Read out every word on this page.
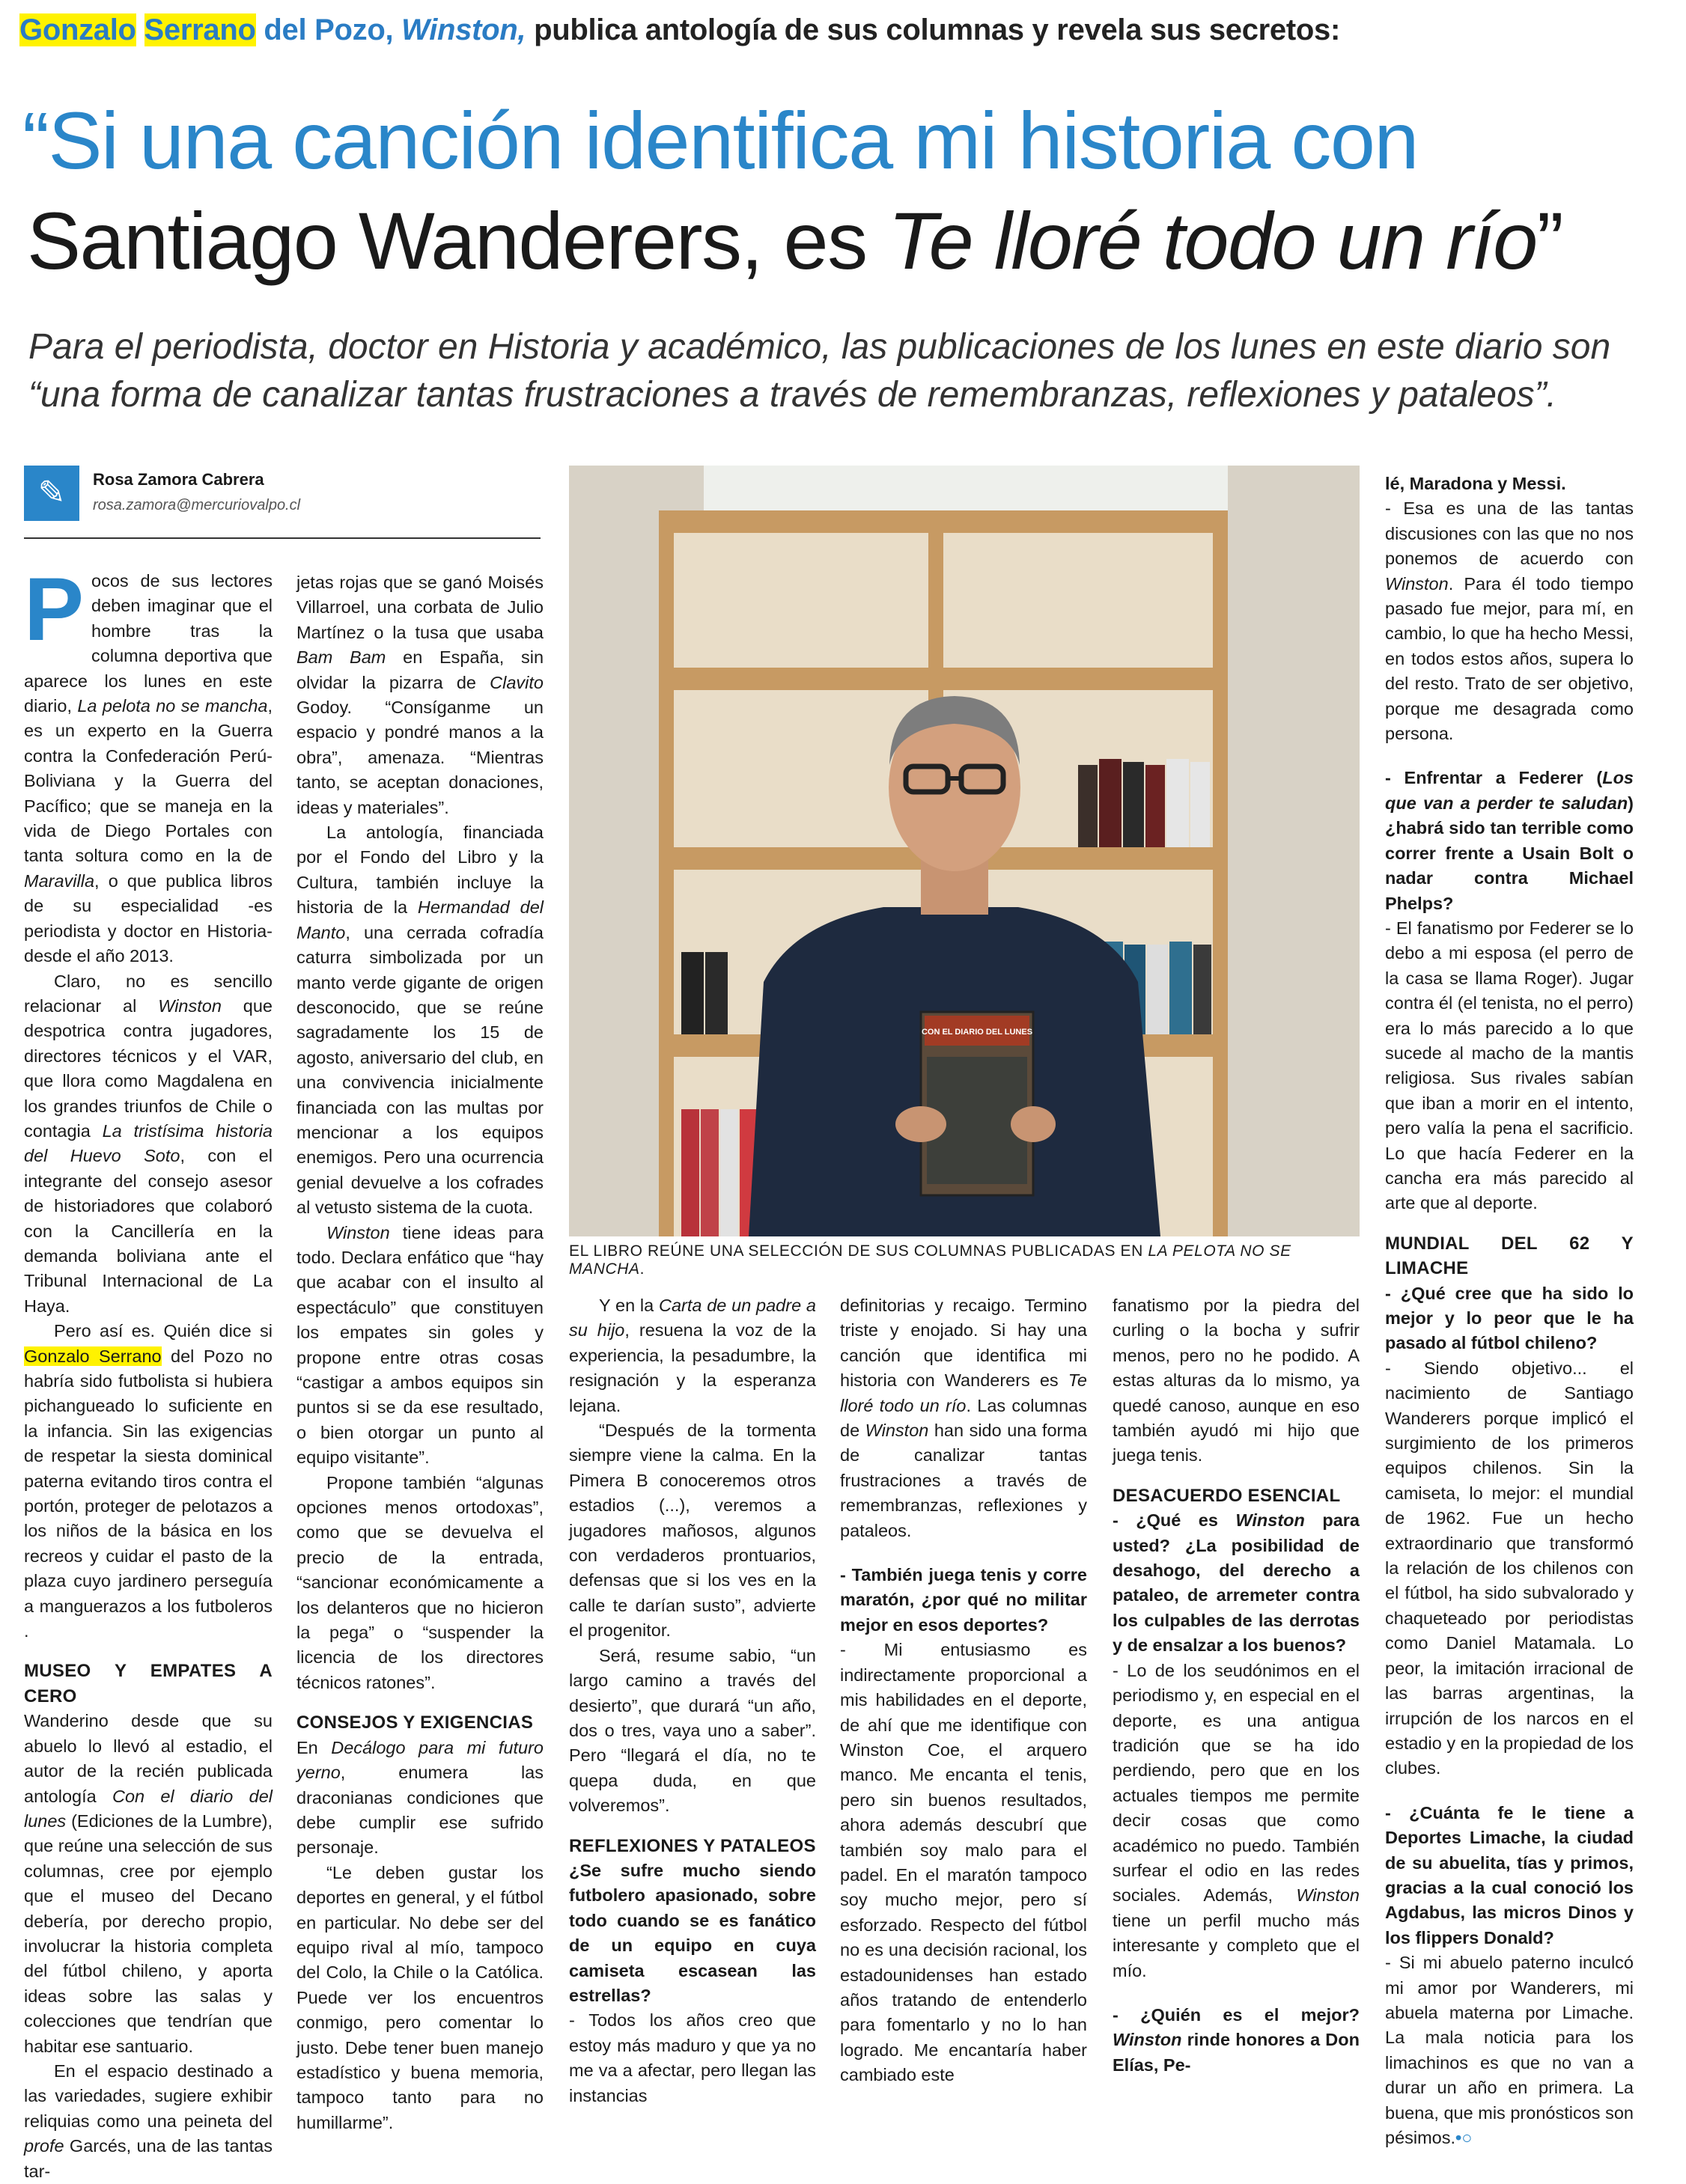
Gonzalo Serrano del Pozo, Winston, publica antología de sus columnas y revela sus secretos:
“Si una canción identifica mi historia con
Santiago Wanderers, es Te lloré todo un río”
Para el periodista, doctor en Historia y académico, las publicaciones de los lunes en este diario son “una forma de canalizar tantas frustraciones a través de remembranzas, reflexiones y pataleos”.
✎	Rosa Zamora Cabrera
rosa.zamora@mercuriovalpo.cl

Pocos de sus lectores deben imaginar que el hombre tras la columna deportiva que aparece los lunes en este diario, La pelota no se mancha, es un experto en la Guerra contra la Confederación Perú-Boliviana y la Guerra del Pacífico; que se maneja en la vida de Diego Portales con tanta soltura como en la de Maravilla, o que publica libros de su especialidad -es periodista y doctor en Historia- desde el año 2013.

Claro, no es sencillo relacionar al Winston que despotrica contra jugadores, directores técnicos y el VAR, que llora como Magdalena en los grandes triunfos de Chile o contagia La tristísima historia del Huevo Soto, con el integrante del consejo asesor de historiadores que colaboró con la Cancillería en la demanda boliviana ante el Tribunal Internacional de La Haya.

Pero así es. Quién dice si Gonzalo Serrano del Pozo no habría sido futbolista si hubiera pichangueado lo suficiente en la infancia. Sin las exigencias de respetar la siesta dominical paterna evitando tiros contra el portón, proteger de pelotazos a los niños de la básica en los recreos y cuidar el pasto de la plaza cuyo jardinero perseguía a manguerazos a los futboleros .

MUSEO Y EMPATES A CERO

Wanderino desde que su abuelo lo llevó al estadio, el autor de la recién publicada antología Con el diario del lunes (Ediciones de la Lumbre), que reúne una selección de sus columnas, cree por ejemplo que el museo del Decano debería, por derecho propio, involucrar la historia completa del fútbol chileno, y aporta ideas sobre las salas y colecciones que tendrían que habitar ese santuario.

En el espacio destinado a las variedades, sugiere exhibir reliquias como una peineta del profe Garcés, una de las tantas tar-

jetas rojas que se ganó Moisés Villarroel, una corbata de Julio Martínez o la tusa que usaba Bam Bam en España, sin olvidar la pizarra de Clavito Godoy. “Consíganme un espacio y pondré manos a la obra”, amenaza. “Mientras tanto, se aceptan donaciones, ideas y materiales”.

La antología, financiada por el Fondo del Libro y la Cultura, también incluye la historia de la Hermandad del Manto, una cerrada cofradía caturra simbolizada por un manto verde gigante de origen desconocido, que se reúne sagradamente los 15 de agosto, aniversario del club, en una convivencia inicialmente financiada con las multas por mencionar a los equipos enemigos. Pero una ocurrencia genial devuelve a los cofrades al vetusto sistema de la cuota.

Winston tiene ideas para todo. Declara enfático que “hay que acabar con el insulto al espectáculo” que constituyen los empates sin goles y propone entre otras cosas “castigar a ambos equipos sin puntos si se da ese resultado, o bien otorgar un punto al equipo visitante”.

Propone también “algunas opciones menos ortodoxas”, como que se devuelva el precio de la entrada, “sancionar económicamente a los delanteros que no hicieron la pega” o “suspender la licencia de los directores técnicos ratones”.

CONSEJOS Y EXIGENCIAS

En Decálogo para mi futuro yerno, enumera las draconianas condiciones que debe cumplir ese sufrido personaje.

“Le deben gustar los deportes en general, y el fútbol en particular. No debe ser del equipo rival al mío, tampoco del Colo, la Chile o la Católica. Puede ver los encuentros conmigo, pero comentar lo justo. Debe tener buen manejo estadístico y buena memoria, tampoco tanto para no humillarme”.

CON EL DIARIO DEL LUNES
EL LIBRO REÚNE UNA SELECCIÓN DE SUS COLUMNAS PUBLICADAS EN LA PELOTA NO SE MANCHA.

Y en la Carta de un padre a su hijo, resuena la voz de la experiencia, la pesadumbre, la resignación y la esperanza lejana.

“Después de la tormenta siempre viene la calma. En la Pimera B conoceremos otros estadios (...), veremos a jugadores mañosos, algunos con verdaderos prontuarios, defensas que si los ves en la calle te darían susto”, advierte el progenitor.

Será, resume sabio, “un largo camino a través del desierto”, que durará “un año, dos o tres, vaya uno a saber”. Pero “llegará el día, no te quepa duda, en que volveremos”.

REFLEXIONES Y PATALEOS

¿Se sufre mucho siendo futbolero apasionado, sobre todo cuando se es fanático de un equipo en cuya camiseta escasean las estrellas?

- Todos los años creo que estoy más maduro y que ya no me va a afectar, pero llegan las instancias

definitorias y recaigo. Termino triste y enojado. Si hay una canción que identifica mi historia con Wanderers es Te lloré todo un río. Las columnas de Winston han sido una forma de canalizar tantas frustraciones a través de remembranzas, reflexiones y pataleos.

- También juega tenis y corre maratón, ¿por qué no militar mejor en esos deportes?

- Mi entusiasmo es indirectamente proporcional a mis habilidades en el deporte, de ahí que me identifique con Winston Coe, el arquero manco. Me encanta el tenis, pero sin buenos resultados, ahora además descubrí que también soy malo para el padel. En el maratón tampoco soy mucho mejor, pero sí esforzado. Respecto del fútbol no es una decisión racional, los estadounidenses han estado años tratando de entenderlo para fomentarlo y no lo han logrado. Me encantaría haber cambiado este

fanatismo por la piedra del curling o la bocha y sufrir menos, pero no he podido. A estas alturas da lo mismo, ya quedé canoso, aunque en eso también ayudó mi hijo que juega tenis.

DESACUERDO ESENCIAL

- ¿Qué es Winston para usted? ¿La posibilidad de desahogo, del derecho a pataleo, de arremeter contra los culpables de las derrotas y de ensalzar a los buenos?

- Lo de los seudónimos en el periodismo y, en especial en el deporte, es una antigua tradición que se ha ido perdiendo, pero que en los actuales tiempos me permite decir cosas que como académico no puedo. También surfear el odio en las redes sociales. Además, Winston tiene un perfil mucho más interesante y completo que el mío.

- ¿Quién es el mejor? Winston rinde honores a Don Elías, Pe-

lé, Maradona y Messi.

- Esa es una de las tantas discusiones con las que no nos ponemos de acuerdo con Winston. Para él todo tiempo pasado fue mejor, para mí, en cambio, lo que ha hecho Messi, en todos estos años, supera lo del resto. Trato de ser objetivo, porque me desagrada como persona.

- Enfrentar a Federer (Los que van a perder te saludan) ¿habrá sido tan terrible como correr frente a Usain Bolt o nadar contra Michael Phelps?

- El fanatismo por Federer se lo debo a mi esposa (el perro de la casa se llama Roger). Jugar contra él (el tenista, no el perro) era lo más parecido a lo que sucede al macho de la mantis religiosa. Sus rivales sabían que iban a morir en el intento, pero valía la pena el sacrificio. Lo que hacía Federer en la cancha era más parecido al arte que al deporte.

MUNDIAL DEL 62 Y LIMACHE

- ¿Qué cree que ha sido lo mejor y lo peor que le ha pasado al fútbol chileno?

- Siendo objetivo... el nacimiento de Santiago Wanderers porque implicó el surgimiento de los primeros equipos chilenos. Sin la camiseta, lo mejor: el mundial de 1962. Fue un hecho extraordinario que transformó la relación de los chilenos con el fútbol, ha sido subvalorado y chaqueteado por periodistas como Daniel Matamala. Lo peor, la imitación irracional de las barras argentinas, la irrupción de los narcos en el estadio y en la propiedad de los clubes.

- ¿Cuánta fe le tiene a Deportes Limache, la ciudad de su abuelita, tías y primos, gracias a la cual conoció los Agdabus, las micros Dinos y los flippers Donald?

- Si mi abuelo paterno inculcó mi amor por Wanderers, mi abuela materna por Limache. La mala noticia para los limachinos es que no van a durar un año en primera. La buena, que mis pronósticos son pésimos.•○
